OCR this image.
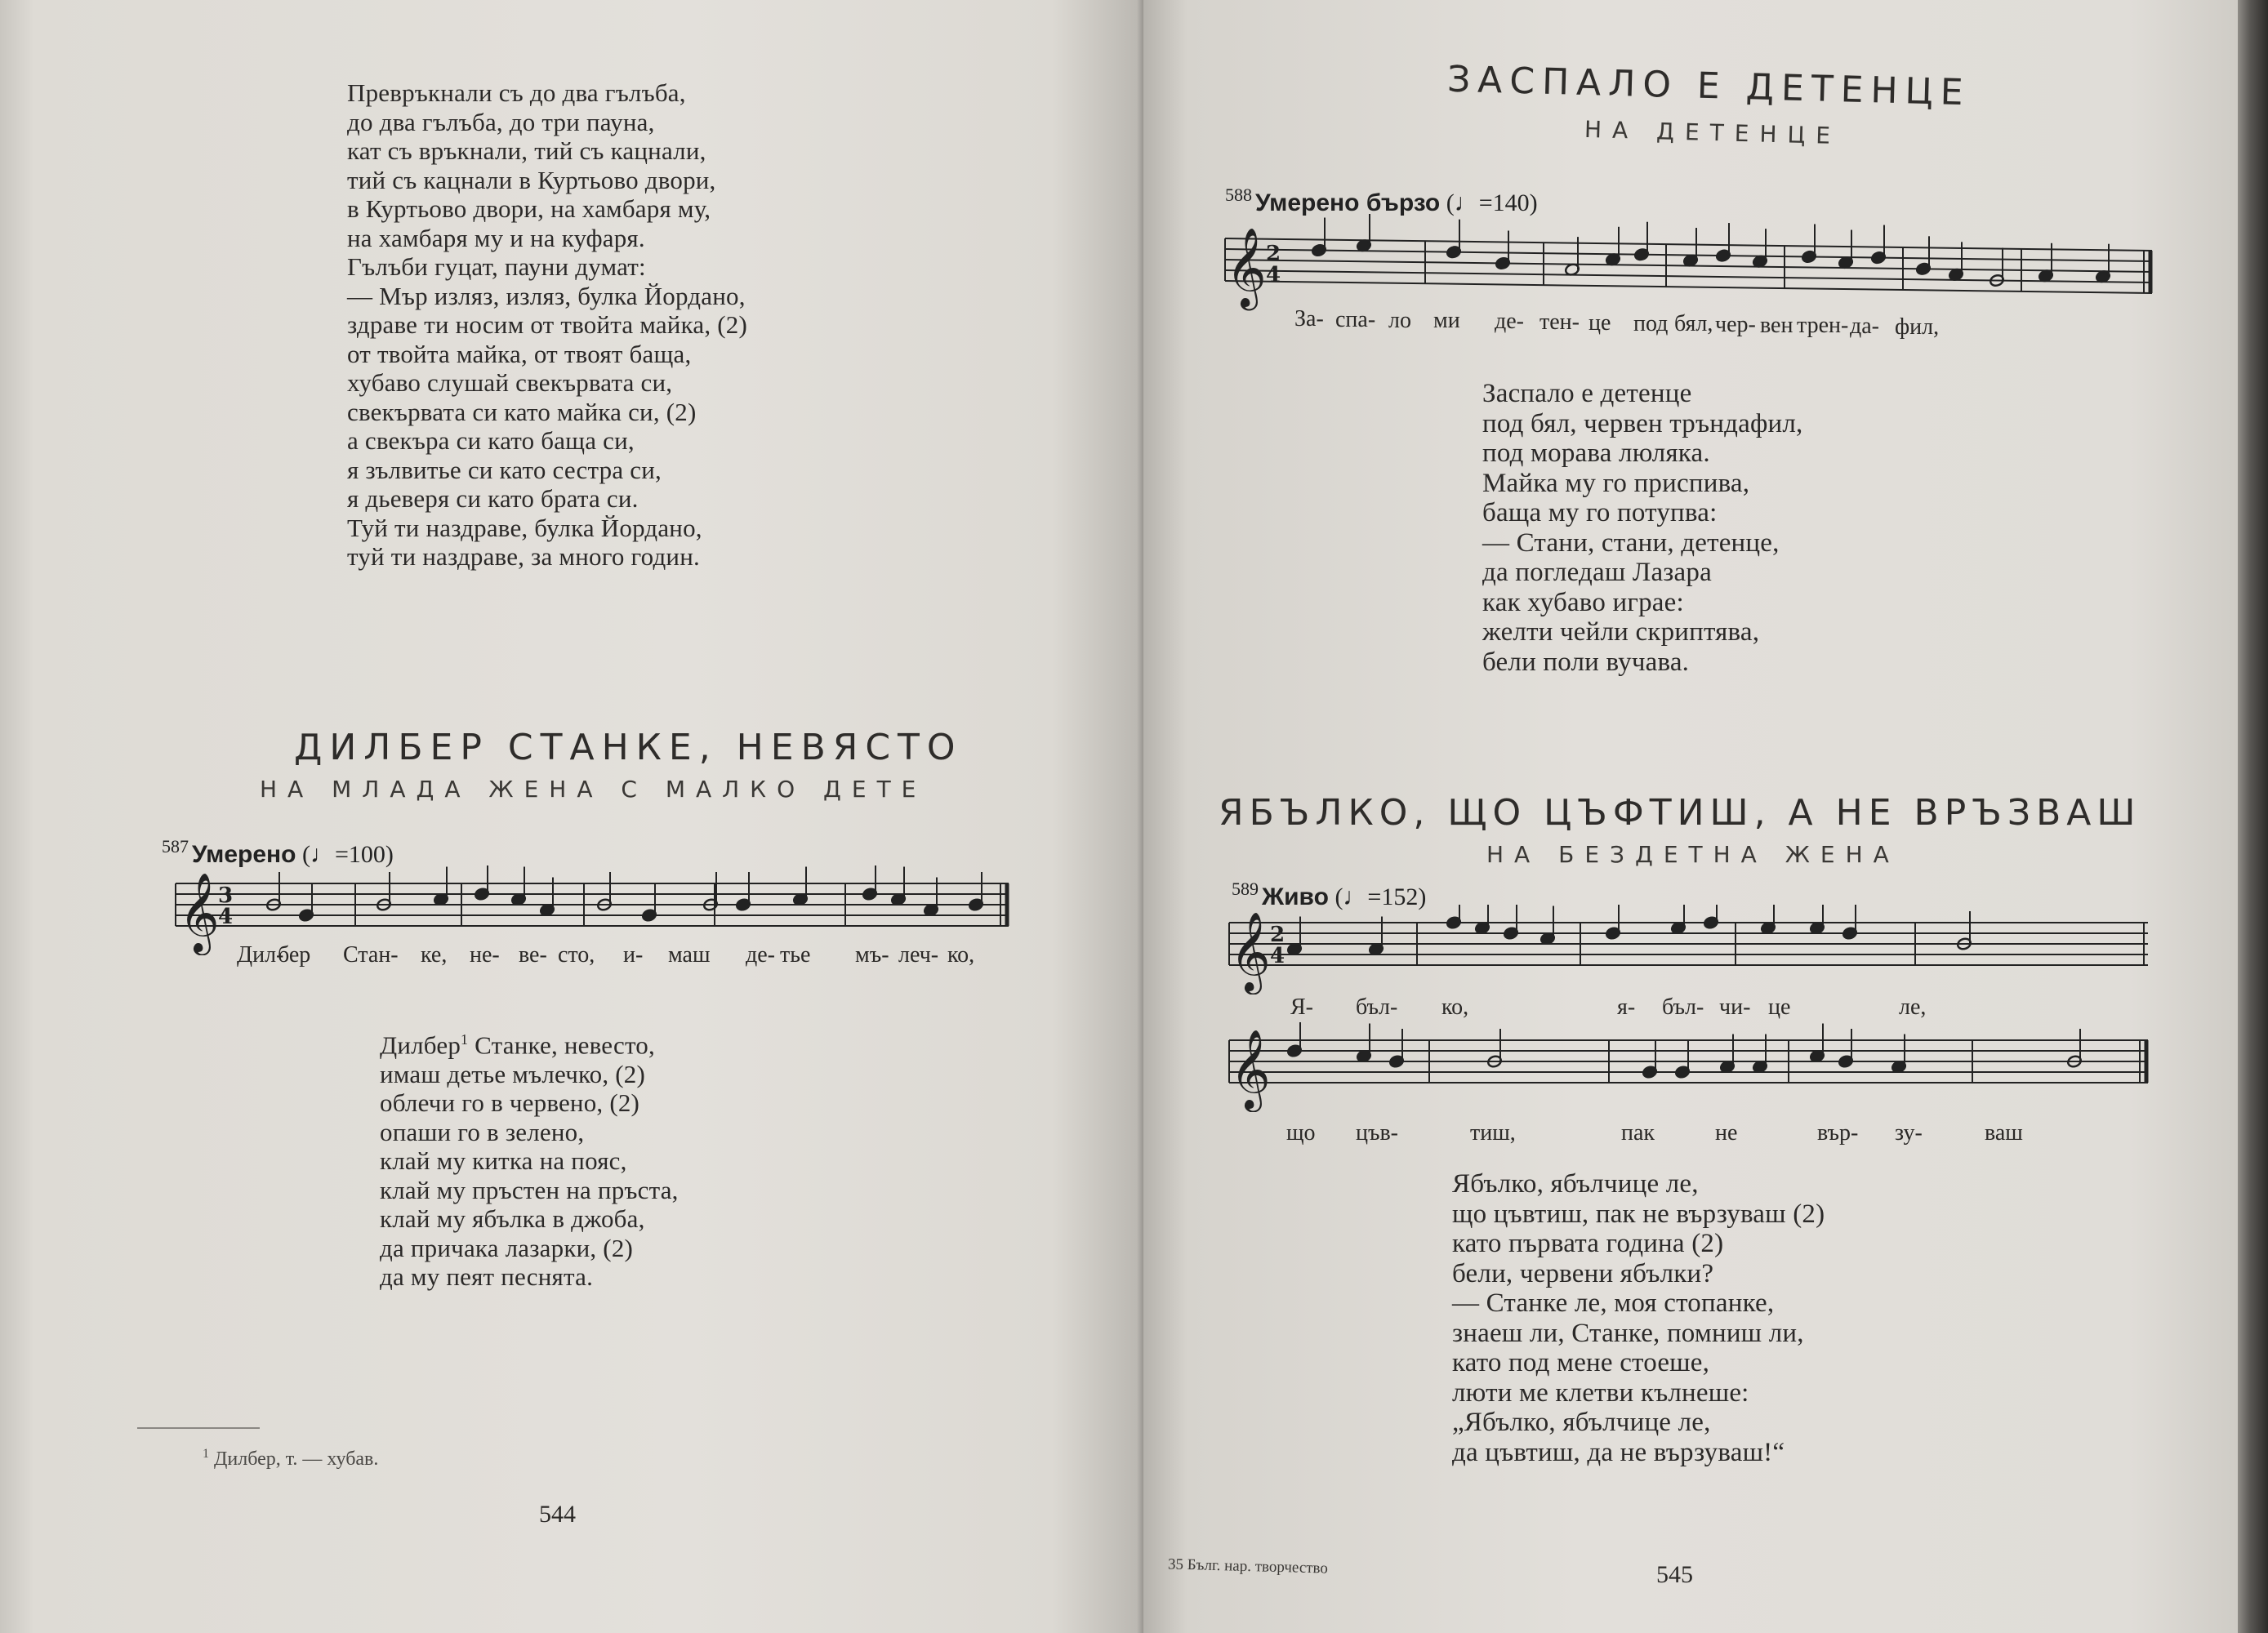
Превръкнали съ до два гълъба,
до два гълъба, до три пауна,
кат съ връкнали, тий съ кацнали,
тий съ кацнали в Куртьово двори,
в Куртьово двори, на хамбаря му,
на хамбаря му и на куфаря.
Гълъби гуцат, пауни думат:
— Мър изляз, изляз, булка Йордано,
здраве ти носим от твойта майка, (2)
от твойта майка, от твоят баща,
хубаво слушай свекървата си,
свекървата си като майка си, (2)
а свекъра си като баща си,
я зълвитье си като сестра си,
я дьеверя си като брата си.
Туй ти наздраве, булка Йордано,
туй ти наздраве, за много годин.
ДИЛБЕР СТАНКЕ, НЕВЯСТО
НА МЛАДА ЖЕНА С МАЛКО ДЕТЕ
$^{587}$ Умерено (♩=100)
𝄞
3
4
Дил-
бер Стан- ке, не- ве- сто, и- маш де- тье мъ- леч- ко,
Дилбер$^1$ Станке, невесто,
имаш детье мълечко, (2)
облечи го в червено, (2)
опаши го в зелено,
клай му китка на пояс,
клай му пръстен на пръста,
клай му ябълка в джоба,
да причака лазарки, (2)
да му пеят песнята.
$^1$ Дилбер, т. — хубав.
544
ЗАСПАЛО Е ДЕТЕНЦЕ
НА ДЕТЕНЦЕ
$^{588}$ Умерено бързо (♩=140)
𝄞 2
4
За- спа- ло ми де- тен- це под бял, чер- вен трен- да- фил,
Заспало е детенце
под бял, червен тръндафил,
под морава люляка.
Майка му го приспива,
баща му го потупва:
— Стани, стани, детенце,
да погледаш Лазара
как хубаво играе:
желти чейли скриптява,
бели поли вучава.
ЯБЪЛКО, ЩО ЦЪФТИШ, А НЕ ВРЪЗВАШ
НА БЕЗДЕТНА ЖЕНА
$^{589}$ Живо (♩=152)
𝄞 2
4
Я- бъл- ко,	я- бъл- чи- це	ле,
𝄞
що цъв-	тиш,	пак	не	вър- зу-	ваш
Ябълко, ябълчице ле,
що цъвтиш, пак не вързуваш (2)
като първата година (2)
бели, червени ябълки?
— Станке ле, моя стопанке,
знаеш ли, Станке, помниш ли,
като под мене стоеше,
люти ме клетви кълнеше:
„Ябълко, ябълчице ле,
да цъвтиш, да не вързуваш!“
35 Бълг. нар. творчество	545
